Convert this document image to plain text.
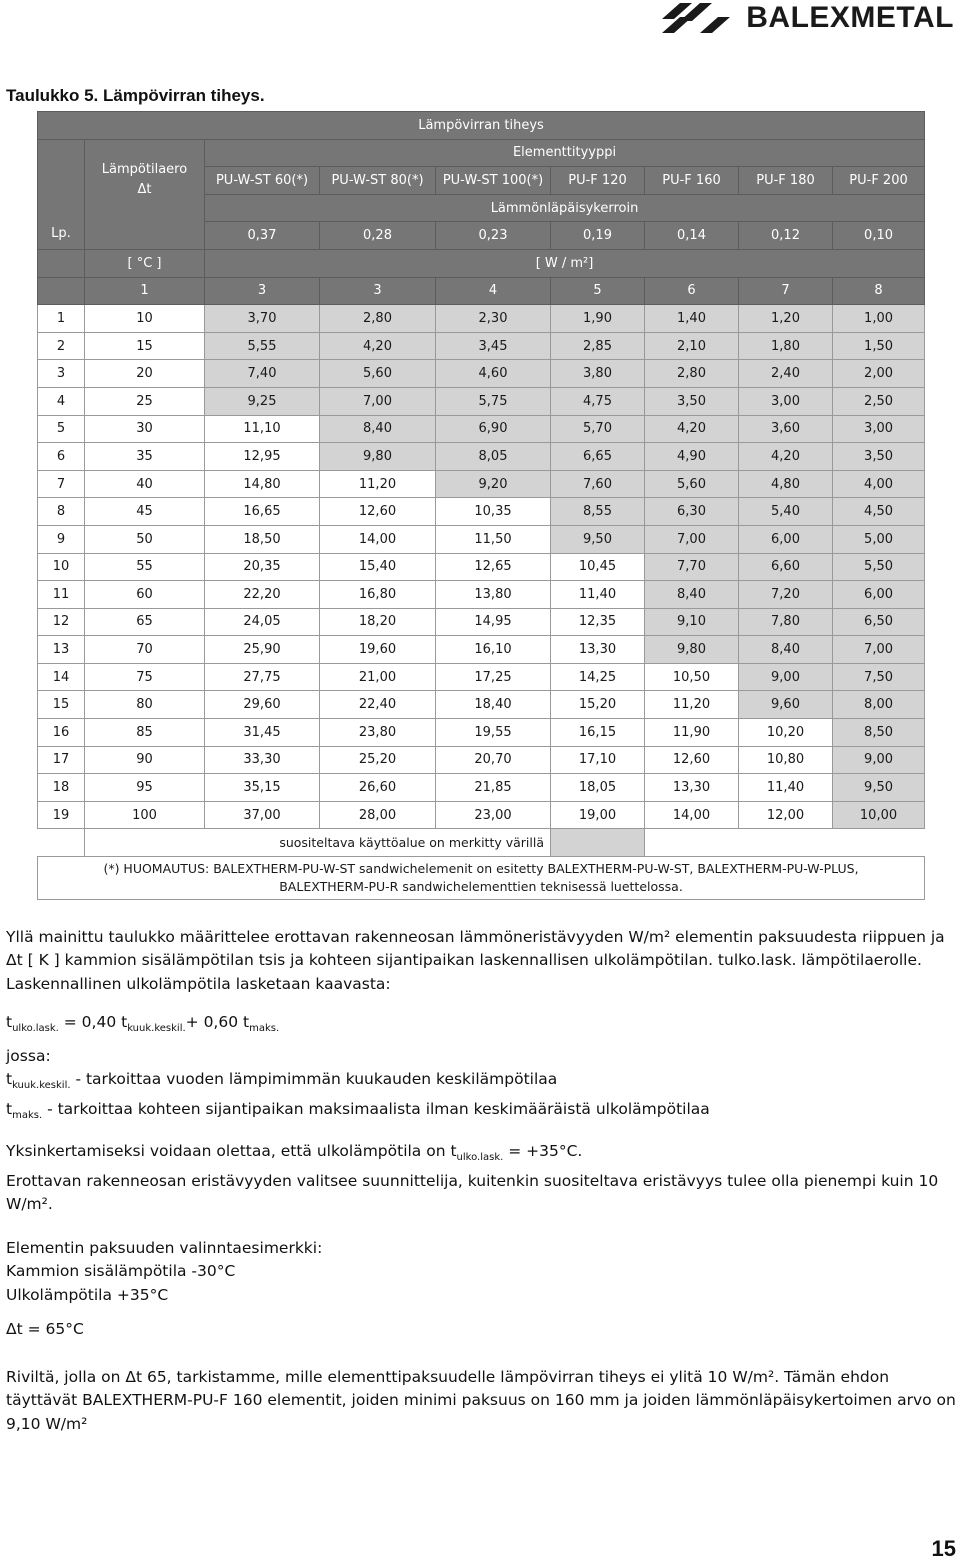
BALEXMETAL
Taulukko 5. Lämpövirran tiheys.
Lämpövirran tiheys								
Lp.	Lämpötilaero
Δt	Elementtityyppi						
		PU-W-ST 60(*)	PU-W-ST 80(*)	PU-W-ST 100(*)	PU-F 120	PU-F 160	PU-F 180	PU-F 200
		Lämmönläpäisykerroin						
		0,37	0,28	0,23	0,19	0,14	0,12	0,10
	[ °C ]	[ W / m²]						
	1	3	3	4	5	6	7	8
1	10	3,70	2,80	2,30	1,90	1,40	1,20	1,00
2	15	5,55	4,20	3,45	2,85	2,10	1,80	1,50
3	20	7,40	5,60	4,60	3,80	2,80	2,40	2,00
4	25	9,25	7,00	5,75	4,75	3,50	3,00	2,50
5	30	11,10	8,40	6,90	5,70	4,20	3,60	3,00
6	35	12,95	9,80	8,05	6,65	4,90	4,20	3,50
7	40	14,80	11,20	9,20	7,60	5,60	4,80	4,00
8	45	16,65	12,60	10,35	8,55	6,30	5,40	4,50
9	50	18,50	14,00	11,50	9,50	7,00	6,00	5,00
10	55	20,35	15,40	12,65	10,45	7,70	6,60	5,50
11	60	22,20	16,80	13,80	11,40	8,40	7,20	6,00
12	65	24,05	18,20	14,95	12,35	9,10	7,80	6,50
13	70	25,90	19,60	16,10	13,30	9,80	8,40	7,00
14	75	27,75	21,00	17,25	14,25	10,50	9,00	7,50
15	80	29,60	22,40	18,40	15,20	11,20	9,60	8,00
16	85	31,45	23,80	19,55	16,15	11,90	10,20	8,50
17	90	33,30	25,20	20,70	17,10	12,60	10,80	9,00
18	95	35,15	26,60	21,85	18,05	13,30	11,40	9,50
19	100	37,00	28,00	23,00	19,00	14,00	12,00	10,00
	suositeltava käyttöalue on merkitty värillä							
(*) HUOMAUTUS: BALEXTHERM-PU-W-ST sandwichelemenit on esitetty BALEXTHERM-PU-W-ST, BALEXTHERM-PU-W-PLUS,
BALEXTHERM-PU-R sandwichelementtien teknisessä luettelossa.								

Yllä mainittu taulukko määrittelee erottavan rakenneosan lämmöneristävyyden W/m² elementin paksuudesta riippuen ja Δt [ K ] kammion sisälämpötilan tsis ja kohteen sijantipaikan laskennallisen ulkolämpötilan. tulko.lask. lämpötilaerolle. Laskennallinen ulkolämpötila lasketaan kaavasta:

$t_{ulko.lask.} = 0,40$ $t_{kuuk.keskil.}+ 0,60$ $t_{maks.}$

jossa:

$t_{kuuk.keskil.}$ - tarkoittaa vuoden lämpimimmän kuukauden keskilämpötilaa

$t_{maks.}$ - tarkoittaa kohteen sijantipaikan maksimaalista ilman keskimääräistä ulkolämpötilaa

Yksinkertamiseksi voidaan olettaa, että ulkolämpötila on $t_{ulko.lask.} = +35^\circ C$.

Erottavan rakenneosan eristävyyden valitsee suunnittelija, kuitenkin suositeltava eristävyys tulee olla pienempi kuin 10 W/m².

Elementin paksuuden valinntaesimerkki:

Kammion sisälämpötila -30°C

Ulkolämpötila +35°C

Δt = 65°C

Riviltä, jolla on Δt 65, tarkistamme, mille elementtipaksuudelle lämpövirran tiheys ei ylitä 10 W/m². Tämän ehdon täyttävät BALEXTHERM-PU-F 160 elementit, joiden minimi paksuus on 160 mm ja joiden lämmönläpäisykertoimen arvo on 9,10 W/m²

15
